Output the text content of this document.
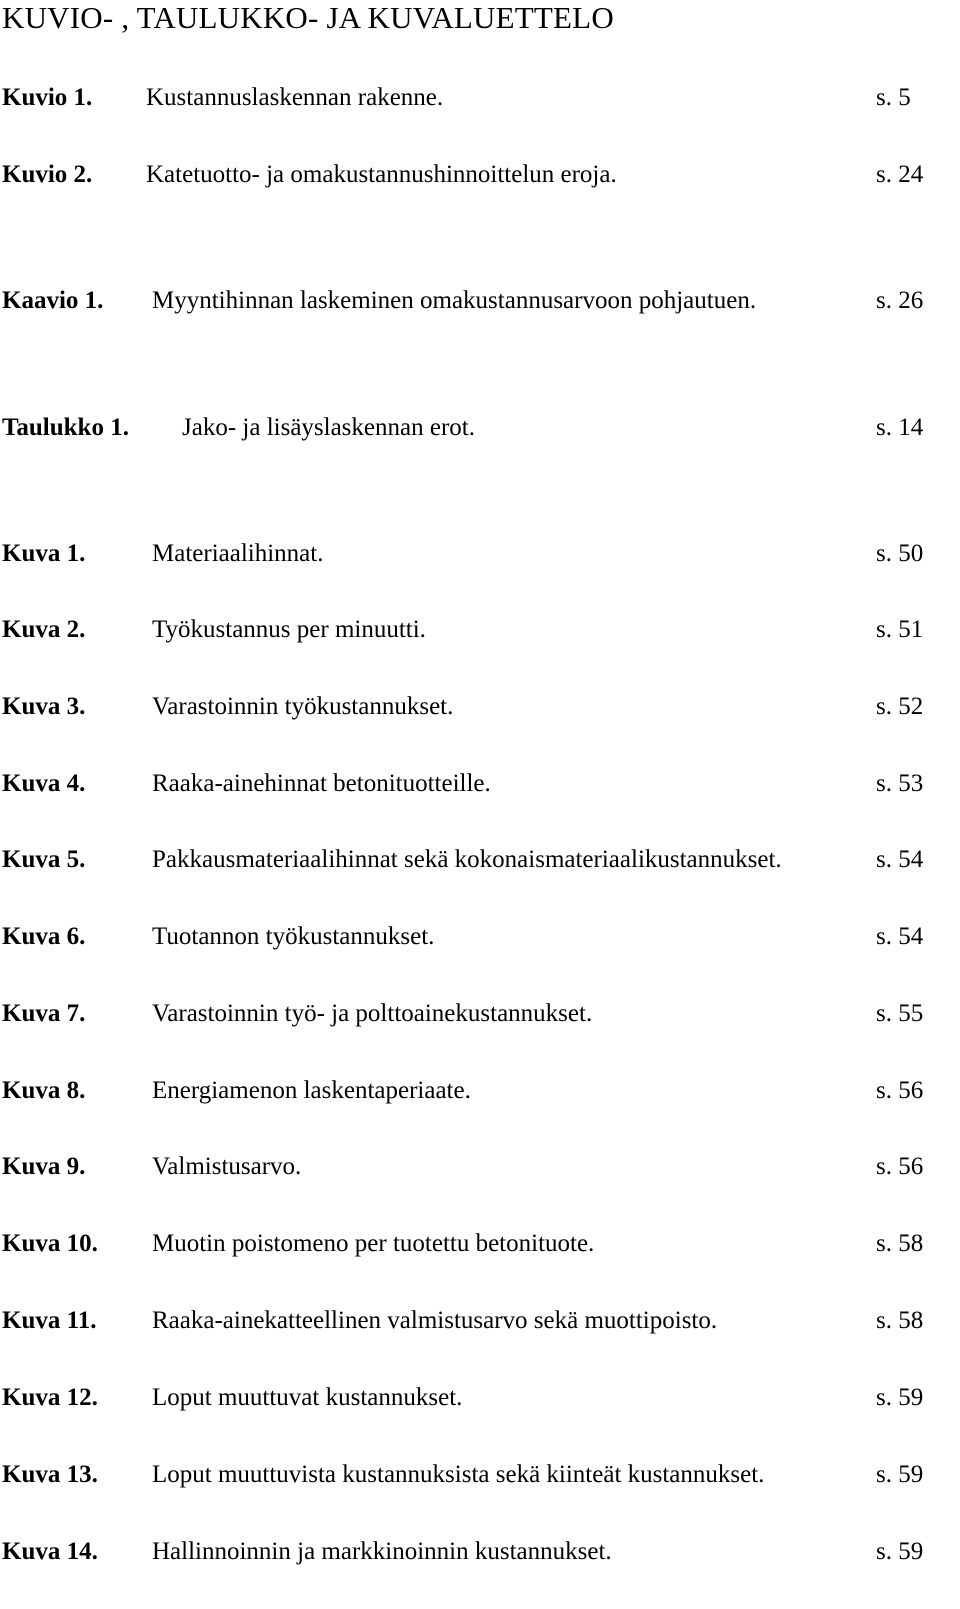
KUVIO- , TAULUKKO- JA KUVALUETTELO
Kuvio 1. Kustannuslaskennan rakenne.	s. 5
Kuvio 2. Katetuotto- ja omakustannushinnoittelun eroja.	s. 24
Kaavio 1. Myyntihinnan laskeminen omakustannusarvoon pohjautuen.	s. 26
Taulukko 1. Jako- ja lisäyslaskennan erot.	s. 14
Kuva 1.	Materiaalihinnat.	s. 50
Kuva 2.	Työkustannus per minuutti.	s. 51
Kuva 3.	Varastoinnin työkustannukset.	s. 52
Kuva 4.	Raaka-ainehinnat betonituotteille.	s. 53
Kuva 5.	Pakkausmateriaalihinnat sekä kokonaismateriaalikustannukset.	s. 54
Kuva 6.	Tuotannon työkustannukset.	s. 54
Kuva 7.	Varastoinnin työ- ja polttoainekustannukset.	s. 55
Kuva 8.	Energiamenon laskentaperiaate.	s. 56
Kuva 9.	Valmistusarvo.	s. 56
Kuva 10. Muotin poistomeno per tuotettu betonituote.	s. 58
Kuva 11. Raaka-ainekatteellinen valmistusarvo sekä muottipoisto.	s. 58
Kuva 12. Loput muuttuvat kustannukset.	s. 59
Kuva 13. Loput muuttuvista kustannuksista sekä kiinteät kustannukset.	s. 59
Kuva 14. Hallinnoinnin ja markkinoinnin kustannukset.	s. 59
